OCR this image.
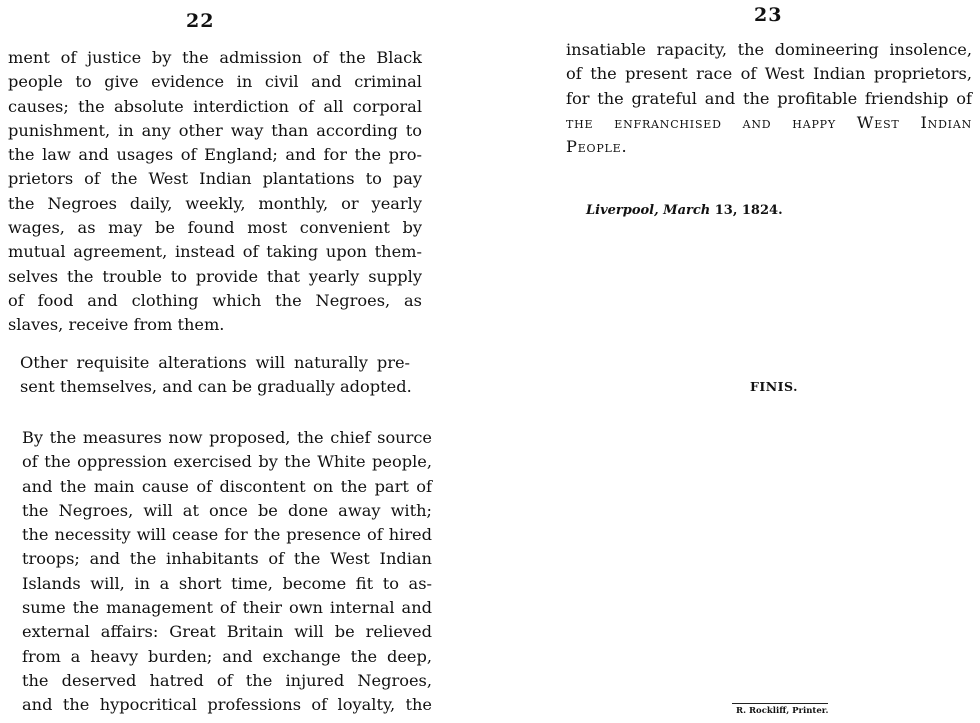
22

ment of justice by the admission of the Black
people to give evidence in civil and criminal
causes; the absolute interdiction of all corporal
punishment, in any other way than according to
the law and usages of England; and for the pro-
prietors of the West Indian plantations to pay
the Negroes daily, weekly, monthly, or yearly
wages, as may be found most convenient by
mutual agreement, instead of taking upon them-
selves the trouble to provide that yearly supply
of food and clothing which the Negroes, as
slaves, receive from them.

Other requisite alterations will naturally pre-
sent themselves, and can be gradually adopted.

By the measures now proposed, the chief source
of the oppression exercised by the White people,
and the main cause of discontent on the part of
the Negroes, will at once be done away with;
the necessity will cease for the presence of hired
troops; and the inhabitants of the West Indian
Islands will, in a short time, become fit to as-
sume the management of their own internal and
external affairs: Great Britain will be relieved
from a heavy burden; and exchange the deep,
the deserved hatred of the injured Negroes,
and the hypocritical professions of loyalty, the

23

insatiable rapacity, the domineering insolence,
of the present race of West Indian proprietors,
for the grateful and the profitable friendship of
the enfranchised and happy West Indian
People.

Liverpool, March 13, 1824.
FINIS.
R. Rockliff, Printer.
